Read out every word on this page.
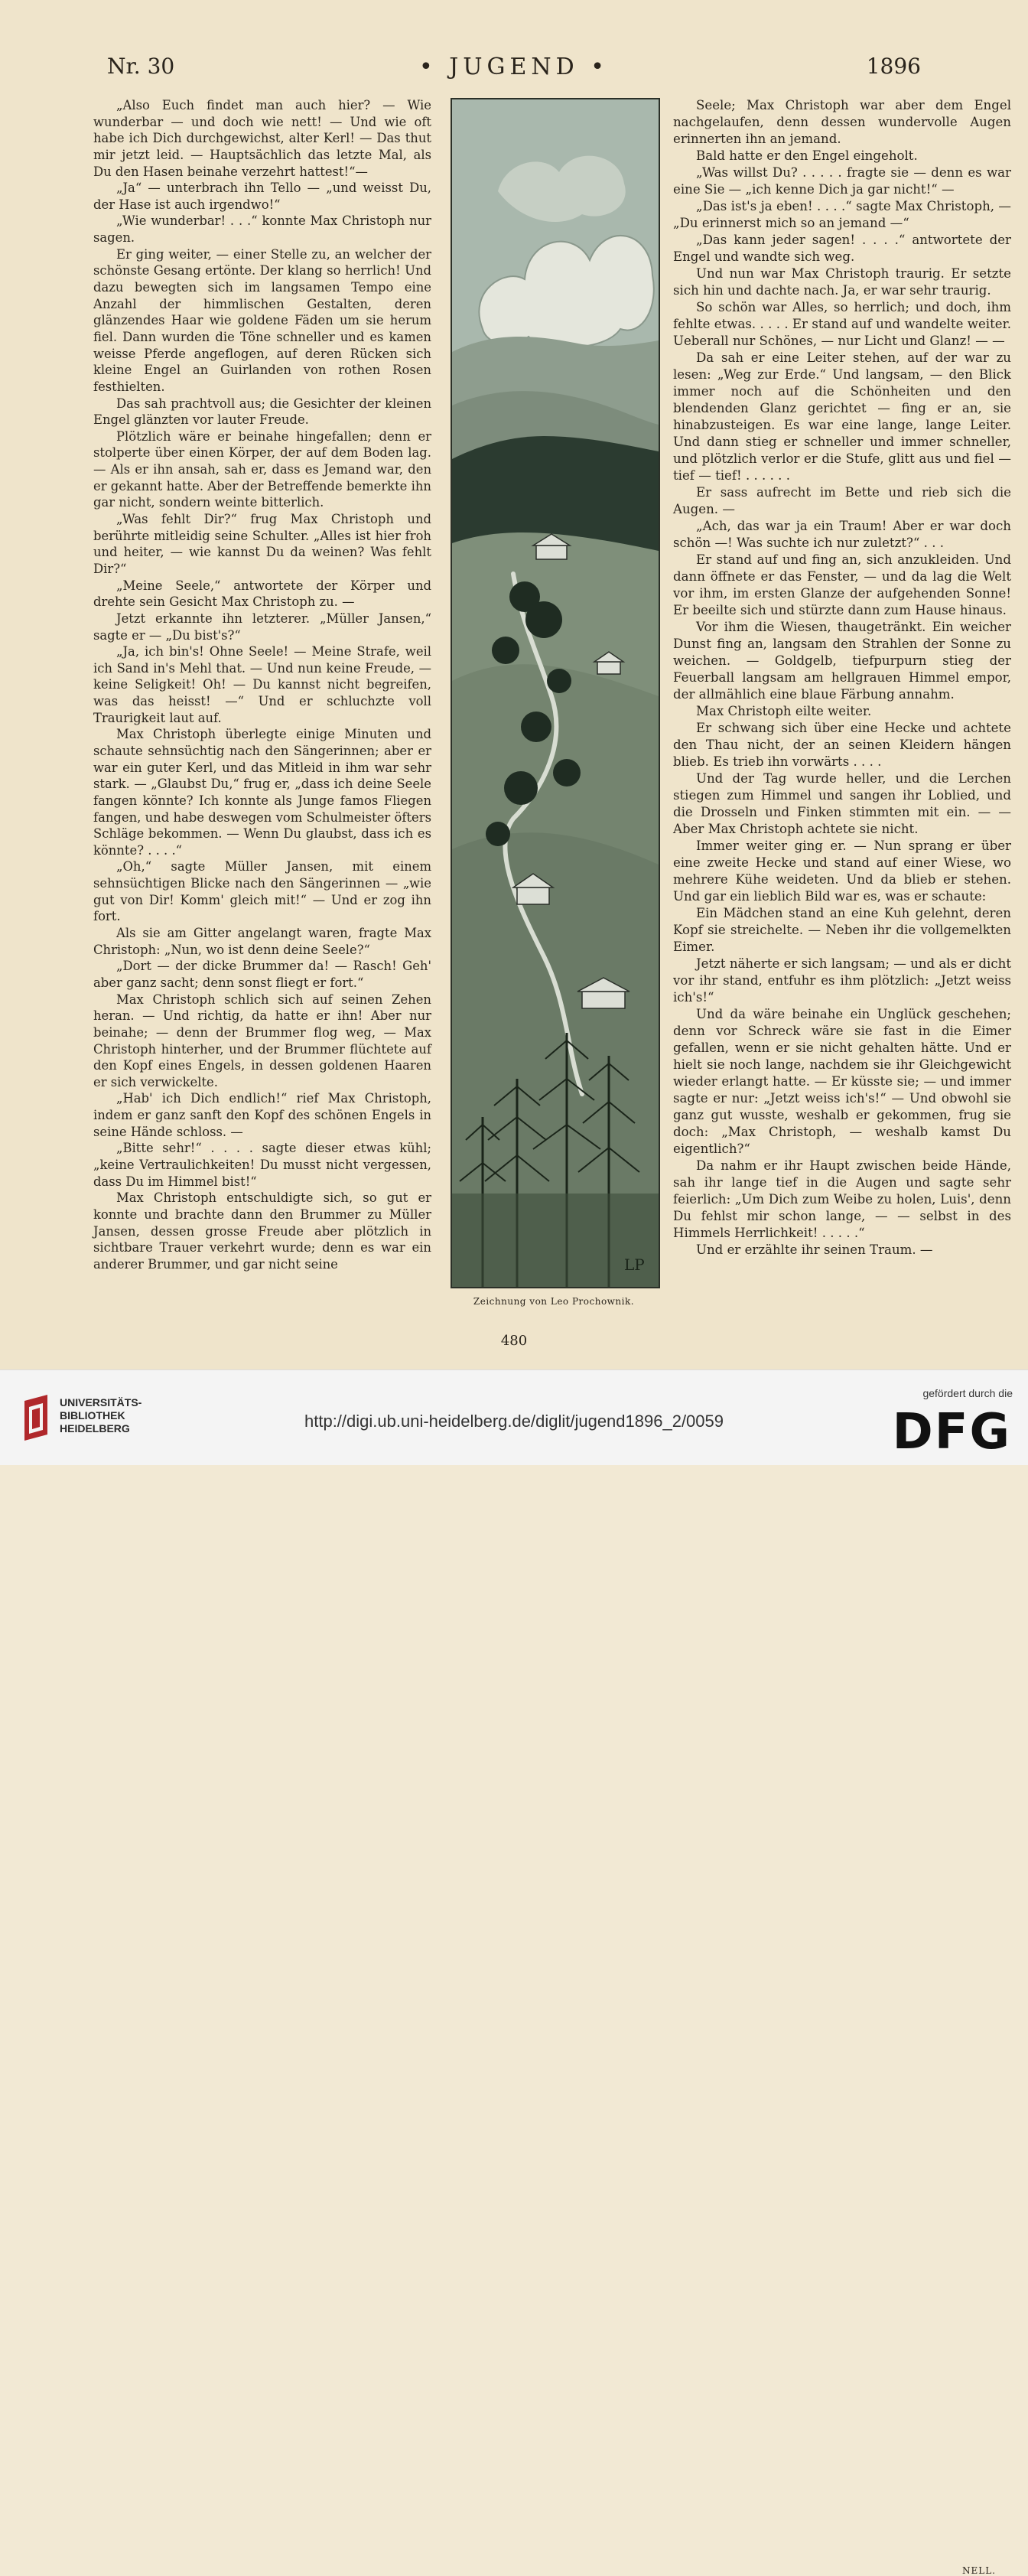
Nr. 30	• JUGEND •	1896

„Also Euch findet man auch hier? — Wie wunderbar — und doch wie nett! — Und wie oft habe ich Dich durchgewichst, alter Kerl! — Das thut mir jetzt leid. — Hauptsächlich das letzte Mal, als Du den Hasen beinahe verzehrt hattest!“—

„Ja“ — unterbrach ihn Tello — „und weisst Du, der Hase ist auch irgendwo!“

„Wie wunderbar! . . .“ konnte Max Christoph nur sagen.

Er ging weiter, — einer Stelle zu, an welcher der schönste Gesang ertönte. Der klang so herrlich! Und dazu bewegten sich im langsamen Tempo eine Anzahl der himmlischen Gestalten, deren glänzendes Haar wie goldene Fäden um sie herum fiel. Dann wurden die Töne schneller und es kamen weisse Pferde angeflogen, auf deren Rücken sich kleine Engel an Guirlanden von rothen Rosen festhielten.

Das sah prachtvoll aus; die Gesichter der kleinen Engel glänzten vor lauter Freude.

Plötzlich wäre er beinahe hingefallen; denn er stolperte über einen Körper, der auf dem Boden lag. — Als er ihn ansah, sah er, dass es Jemand war, den er gekannt hatte. Aber der Betreffende bemerkte ihn gar nicht, sondern weinte bitterlich.

„Was fehlt Dir?“ frug Max Christoph und berührte mitleidig seine Schulter. „Alles ist hier froh und heiter, — wie kannst Du da weinen? Was fehlt Dir?“

„Meine Seele,“ antwortete der Körper und drehte sein Gesicht Max Christoph zu. —

Jetzt erkannte ihn letzterer. „Müller Jansen,“ sagte er — „Du bist's?“

„Ja, ich bin's! Ohne Seele! — Meine Strafe, weil ich Sand in's Mehl that. — Und nun keine Freude, — keine Seligkeit! Oh! — Du kannst nicht begreifen, was das heisst! —“ Und er schluchzte voll Traurigkeit laut auf.

Max Christoph überlegte einige Minuten und schaute sehnsüchtig nach den Sängerinnen; aber er war ein guter Kerl, und das Mitleid in ihm war sehr stark. — „Glaubst Du,“ frug er, „dass ich deine Seele fangen könnte? Ich konnte als Junge famos Fliegen fangen, und habe deswegen vom Schulmeister öfters Schläge bekommen. — Wenn Du glaubst, dass ich es könnte? . . . .“

„Oh,“ sagte Müller Jansen, mit einem sehnsüchtigen Blicke nach den Sängerinnen — „wie gut von Dir! Komm' gleich mit!“ — Und er zog ihn fort.

Als sie am Gitter angelangt waren, fragte Max Christoph: „Nun, wo ist denn deine Seele?“

„Dort — der dicke Brummer da! — Rasch! Geh' aber ganz sacht; denn sonst fliegt er fort.“

Max Christoph schlich sich auf seinen Zehen heran. — Und richtig, da hatte er ihn! Aber nur beinahe; — denn der Brummer flog weg, — Max Christoph hinterher, und der Brummer flüchtete auf den Kopf eines Engels, in dessen goldenen Haaren er sich verwickelte.

„Hab' ich Dich endlich!“ rief Max Christoph, indem er ganz sanft den Kopf des schönen Engels in seine Hände schloss. —

„Bitte sehr!“ . . . . sagte dieser etwas kühl; „keine Vertraulichkeiten! Du musst nicht vergessen, dass Du im Himmel bist!“

Max Christoph entschuldigte sich, so gut er konnte und brachte dann den Brummer zu Müller Jansen, dessen grosse Freude aber plötzlich in sichtbare Trauer verkehrt wurde; denn es war ein anderer Brummer, und gar nicht seine	LP
Zeichnung von Leo Prochownik.

Seele; Max Christoph war aber dem Engel nachgelaufen, denn dessen wundervolle Augen erinnerten ihn an jemand.

Bald hatte er den Engel eingeholt.

„Was willst Du? . . . . . fragte sie — denn es war eine Sie — „ich kenne Dich ja gar nicht!“ —

„Das ist's ja eben! . . . .“ sagte Max Christoph, — „Du erinnerst mich so an jemand —“

„Das kann jeder sagen! . . . .“ antwortete der Engel und wandte sich weg.

Und nun war Max Christoph traurig. Er setzte sich hin und dachte nach. Ja, er war sehr traurig.

So schön war Alles, so herrlich; und doch, ihm fehlte etwas. . . . . Er stand auf und wandelte weiter. Ueberall nur Schönes, — nur Licht und Glanz! — —

Da sah er eine Leiter stehen, auf der war zu lesen: „Weg zur Erde.“ Und langsam, — den Blick immer noch auf die Schönheiten und den blendenden Glanz gerichtet — fing er an, sie hinabzusteigen. Es war eine lange, lange Leiter. Und dann stieg er schneller und immer schneller, und plötzlich verlor er die Stufe, glitt aus und fiel — tief — tief! . . . . . .

Er sass aufrecht im Bette und rieb sich die Augen. —

„Ach, das war ja ein Traum! Aber er war doch schön —! Was suchte ich nur zuletzt?“ . . .

Er stand auf und fing an, sich anzukleiden. Und dann öffnete er das Fenster, — und da lag die Welt vor ihm, im ersten Glanze der aufgehenden Sonne! Er beeilte sich und stürzte dann zum Hause hinaus.

Vor ihm die Wiesen, thaugetränkt. Ein weicher Dunst fing an, langsam den Strahlen der Sonne zu weichen. — Goldgelb, tiefpurpurn stieg der Feuerball langsam am hellgrauen Himmel empor, der allmählich eine blaue Färbung annahm.

Max Christoph eilte weiter.

Er schwang sich über eine Hecke und achtete den Thau nicht, der an seinen Kleidern hängen blieb. Es trieb ihn vorwärts . . . .

Und der Tag wurde heller, und die Lerchen stiegen zum Himmel und sangen ihr Loblied, und die Drosseln und Finken stimmten mit ein. — — Aber Max Christoph achtete sie nicht.

Immer weiter ging er. — Nun sprang er über eine zweite Hecke und stand auf einer Wiese, wo mehrere Kühe weideten. Und da blieb er stehen. Und gar ein lieblich Bild war es, was er schaute:

Ein Mädchen stand an eine Kuh gelehnt, deren Kopf sie streichelte. — Neben ihr die vollgemelkten Eimer.

Jetzt näherte er sich langsam; — und als er dicht vor ihr stand, entfuhr es ihm plötzlich: „Jetzt weiss ich's!“

Und da wäre beinahe ein Unglück geschehen; denn vor Schreck wäre sie fast in die Eimer gefallen, wenn er sie nicht gehalten hätte. Und er hielt sie noch lange, nachdem sie ihr Gleichgewicht wieder erlangt hatte. — Er küsste sie; — und immer sagte er nur: „Jetzt weiss ich's!“ — Und obwohl sie ganz gut wusste, weshalb er gekommen, frug sie doch: „Max Christoph, — weshalb kamst Du eigentlich?“

Da nahm er ihr Haupt zwischen beide Hände, sah ihr lange tief in die Augen und sagte sehr feierlich: „Um Dich zum Weibe zu holen, Luis', denn Du fehlst mir schon lange, — — selbst in des Himmels Herrlichkeit! . . . . .“

Und er erzählte ihr seinen Traum. —

NELL.
480
UNIVERSITÄTS-
BIBLIOTHEK
HEIDELBERG	http://digi.ub.uni-heidelberg.de/diglit/jugend1896_2/0059
gefördert durch die
DFG
